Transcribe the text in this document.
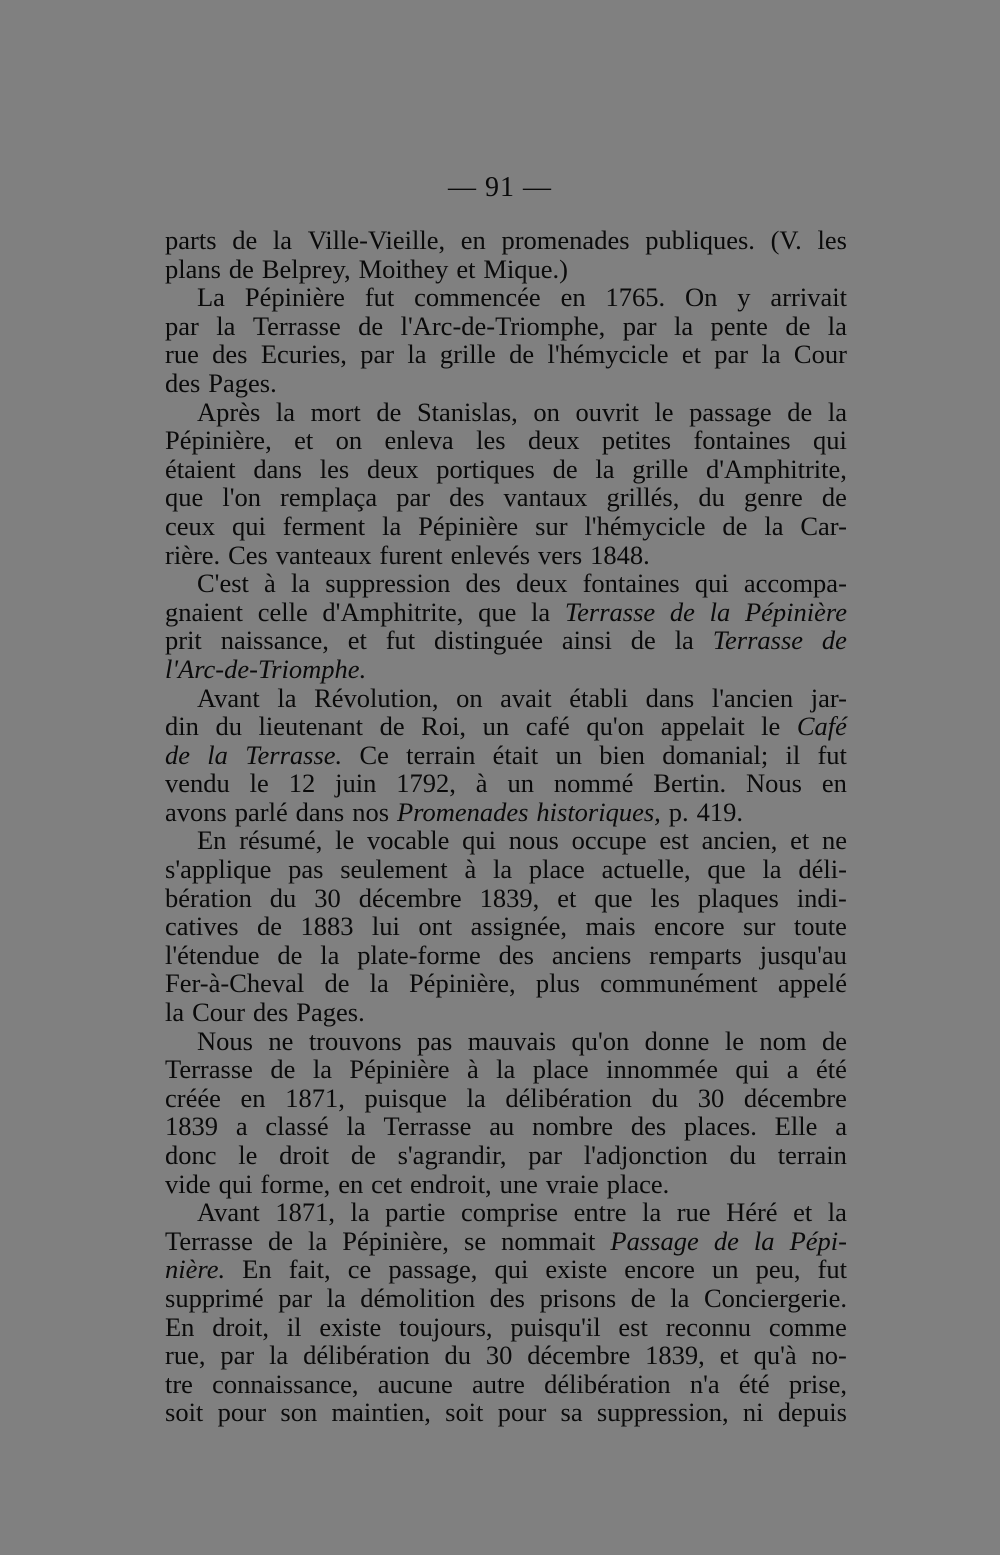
— 91 —
parts de la Ville-Vieille, en promenades publiques. (V. les
plans de Belprey, Moithey et Mique.)
La Pépinière fut commencée en 1765. On y arrivait
par la Terrasse de l'Arc-de-Triomphe, par la pente de la
rue des Ecuries, par la grille de l'hémycicle et par la Cour
des Pages.
Après la mort de Stanislas, on ouvrit le passage de la
Pépinière, et on enleva les deux petites fontaines qui
étaient dans les deux portiques de la grille d'Amphitrite,
que l'on remplaça par des vantaux grillés, du genre de
ceux qui ferment la Pépinière sur l'hémycicle de la Car-
rière. Ces vanteaux furent enlevés vers 1848.
C'est à la suppression des deux fontaines qui accompa-
gnaient celle d'Amphitrite, que la Terrasse de la Pépinière
prit naissance, et fut distinguée ainsi de la Terrasse de
l'Arc-de-Triomphe.
Avant la Révolution, on avait établi dans l'ancien jar-
din du lieutenant de Roi, un café qu'on appelait le Café
de la Terrasse. Ce terrain était un bien domanial; il fut
vendu le 12 juin 1792, à un nommé Bertin. Nous en
avons parlé dans nos Promenades historiques, p. 419.
En résumé, le vocable qui nous occupe est ancien, et ne
s'applique pas seulement à la place actuelle, que la déli-
bération du 30 décembre 1839, et que les plaques indi-
catives de 1883 lui ont assignée, mais encore sur toute
l'étendue de la plate-forme des anciens remparts jusqu'au
Fer-à-Cheval de la Pépinière, plus communément appelé
la Cour des Pages.
Nous ne trouvons pas mauvais qu'on donne le nom de
Terrasse de la Pépinière à la place innommée qui a été
créée en 1871, puisque la délibération du 30 décembre
1839 a classé la Terrasse au nombre des places. Elle a
donc le droit de s'agrandir, par l'adjonction du terrain
vide qui forme, en cet endroit, une vraie place.
Avant 1871, la partie comprise entre la rue Héré et la
Terrasse de la Pépinière, se nommait Passage de la Pépi-
nière. En fait, ce passage, qui existe encore un peu, fut
supprimé par la démolition des prisons de la Conciergerie.
En droit, il existe toujours, puisqu'il est reconnu comme
rue, par la délibération du 30 décembre 1839, et qu'à no-
tre connaissance, aucune autre délibération n'a été prise,
soit pour son maintien, soit pour sa suppression, ni depuis
